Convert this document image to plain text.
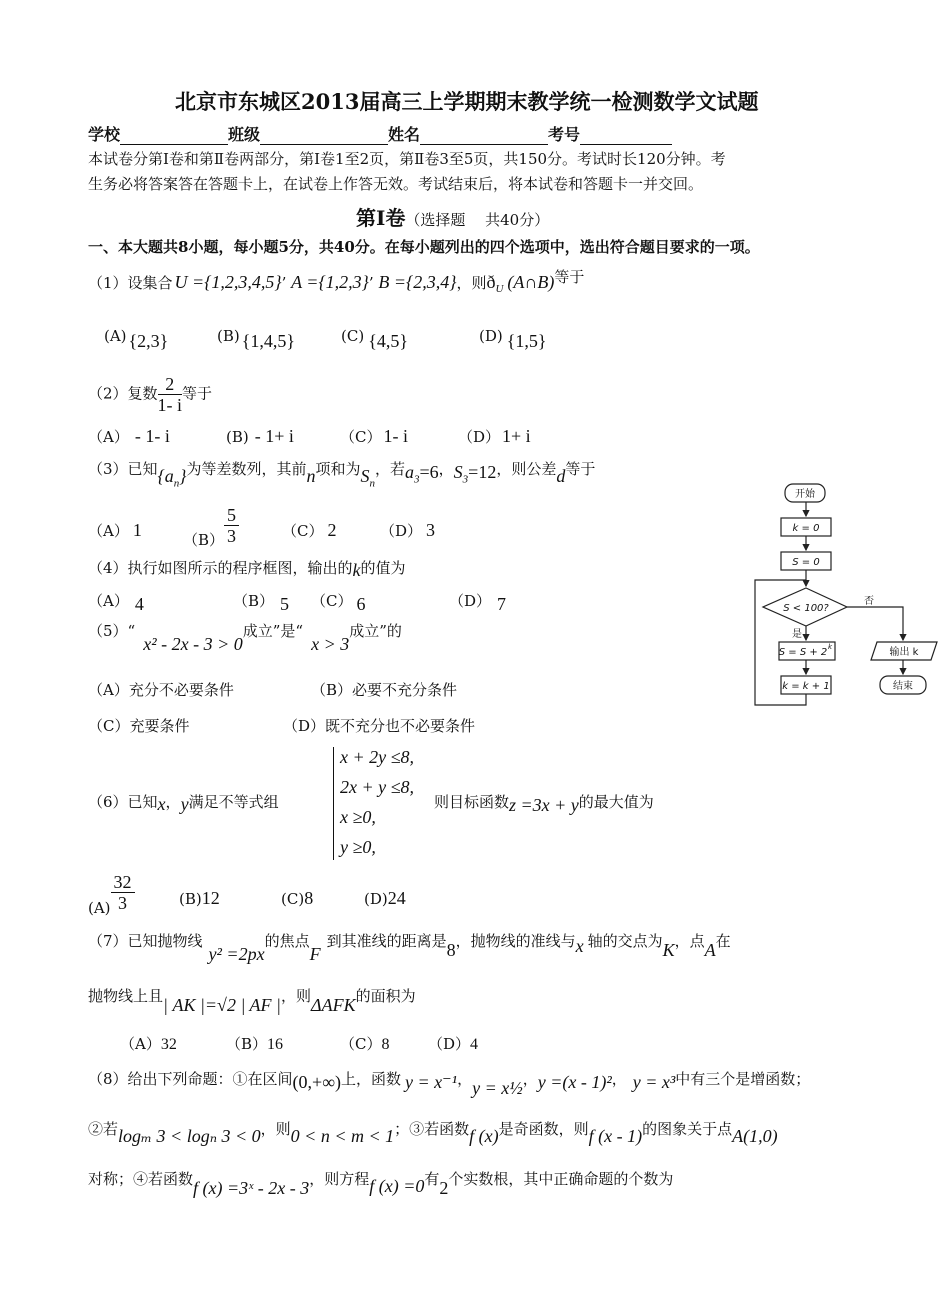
北京市东城区2013届高三上学期期末教学统一检测数学文试题
学校	班级	姓名	考号
本试卷分第Ⅰ卷和第Ⅱ卷两部分，第Ⅰ卷1至2页，第Ⅱ卷3至5页，共150分。考试时长120分钟。考
生务必将答案答在答题卡上，在试卷上作答无效。考试结束后，将本试卷和答题卡一并交回。
第Ⅰ卷（选择题　 共40分）
一、本大题共8小题，每小题5分，共40分。在每小题列出的四个选项中，选出符合题目要求的一项。
（1）设集合 U ={1,2,3,4,5}’ A ={1,2,3}’ B ={2,3,4}，则$ð_U$ (A∩B)等于
(A) {2,3}	(B) {1,4,5}	(C) {4,5}	(D) {1,5}
（2）复数 $\frac{2}{1- i}$ 等于
（A） - 1- i	(B) - 1+ i	（C） 1- i	（D） 1+ i
（3）已知$\{a_n\}$为等差数列，其前n项和为$S_n$，若$a_3=6$，$S_3=12$，则公差d等于
（A） 1	$(B) \frac{5}{3}$	（C） 2	（D） 3
（4）执行如图所示的程序框图，输出的k的值为
（A） 4	（B） 5 （C） 6	（D） 7
（5）“x² - 2x - 3 > 0成立”是“x > 3成立”的
（A）充分不必要条件	（B）必要不充分条件
（C）充要条件	（D）既不充分也不必要条件
（6）已知x，y满足不等式组
x + 2y ≤8,
2x + y ≤8,
x ≥0,
y ≥0,
则目标函数z =3x + y的最大值为
$(A) \frac{32}{3}$	(B)12	(C)8	(D)24
（7）已知抛物线y² =2px的焦点F到其准线的距离是8，抛物线的准线与x 轴的交点为K，点A在
抛物线上且| AK |=√2 | AF |，则ΔAFK的面积为
（A）32	（B）16	（C）8	（D）4
（8）给出下列命题：①在区间(0,+∞)上，函数 y = x⁻¹，y = x½，y =(x - 1)²， y = x³中有三个是增函数；
②若logₘ 3 < logₙ 3 < 0，则0 < n < m < 1；③若函数f (x)是奇函数，则f (x - 1)的图象关于点A(1,0)
对称；④若函数f (x) =3ˣ - 2x - 3，则方程f (x) =0有2个实数根，其中正确命题的个数为
开始
k = 0
S = 0
S < 100?
否
是
S = S + 2 k
k = k + 1
输出 k
结束
